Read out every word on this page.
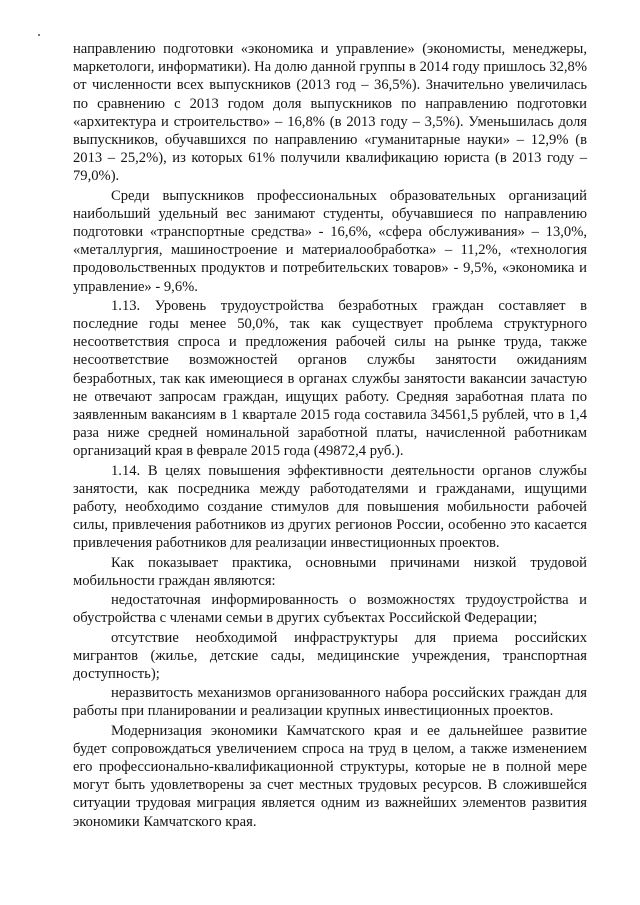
направлению подготовки «экономика и управление» (экономисты, менеджеры, маркетологи, информатики). На долю данной группы в 2014 году пришлось 32,8% от численности всех выпускников (2013 год – 36,5%). Значительно увеличилась по сравнению с 2013 годом доля выпускников по направлению подготовки «архитектура и строительство» – 16,8% (в 2013 году – 3,5%). Уменьшилась доля выпускников, обучавшихся по направлению «гуманитарные науки» – 12,9% (в 2013 – 25,2%), из которых 61% получили квалификацию юриста (в 2013 году – 79,0%).

Среди выпускников профессиональных образовательных организаций наибольший удельный вес занимают студенты, обучавшиеся по направлению подготовки «транспортные средства» - 16,6%, «сфера обслуживания» – 13,0%, «металлургия, машиностроение и материалообработка» – 11,2%, «технология продовольственных продуктов и потребительских товаров» - 9,5%, «экономика и управление» - 9,6%.

1.13. Уровень трудоустройства безработных граждан составляет в последние годы менее 50,0%, так как существует проблема структурного несоответствия спроса и предложения рабочей силы на рынке труда, также несоответствие возможностей органов службы занятости ожиданиям безработных, так как имеющиеся в органах службы занятости вакансии зачастую не отвечают запросам граждан, ищущих работу. Средняя заработная плата по заявленным вакансиям в 1 квартале 2015 года составила 34561,5 рублей, что в 1,4 раза ниже средней номинальной заработной платы, начисленной работникам организаций края в феврале 2015 года (49872,4 руб.).

1.14. В целях повышения эффективности деятельности органов службы занятости, как посредника между работодателями и гражданами, ищущими работу, необходимо создание стимулов для повышения мобильности рабочей силы, привлечения работников из других регионов России, особенно это касается привлечения работников для реализации инвестиционных проектов.

Как показывает практика, основными причинами низкой трудовой мобильности граждан являются:

недостаточная информированность о возможностях трудоустройства и обустройства с членами семьи в других субъектах Российской Федерации;

отсутствие необходимой инфраструктуры для приема российских мигрантов (жилье, детские сады, медицинские учреждения, транспортная доступность);

неразвитость механизмов организованного набора российских граждан для работы при планировании и реализации крупных инвестиционных проектов.

Модернизация экономики Камчатского края и ее дальнейшее развитие будет сопровождаться увеличением спроса на труд в целом, а также изменением его профессионально-квалификационной структуры, которые не в полной мере могут быть удовлетворены за счет местных трудовых ресурсов. В сложившейся ситуации трудовая миграция является одним из важнейших элементов развития экономики Камчатского края.
